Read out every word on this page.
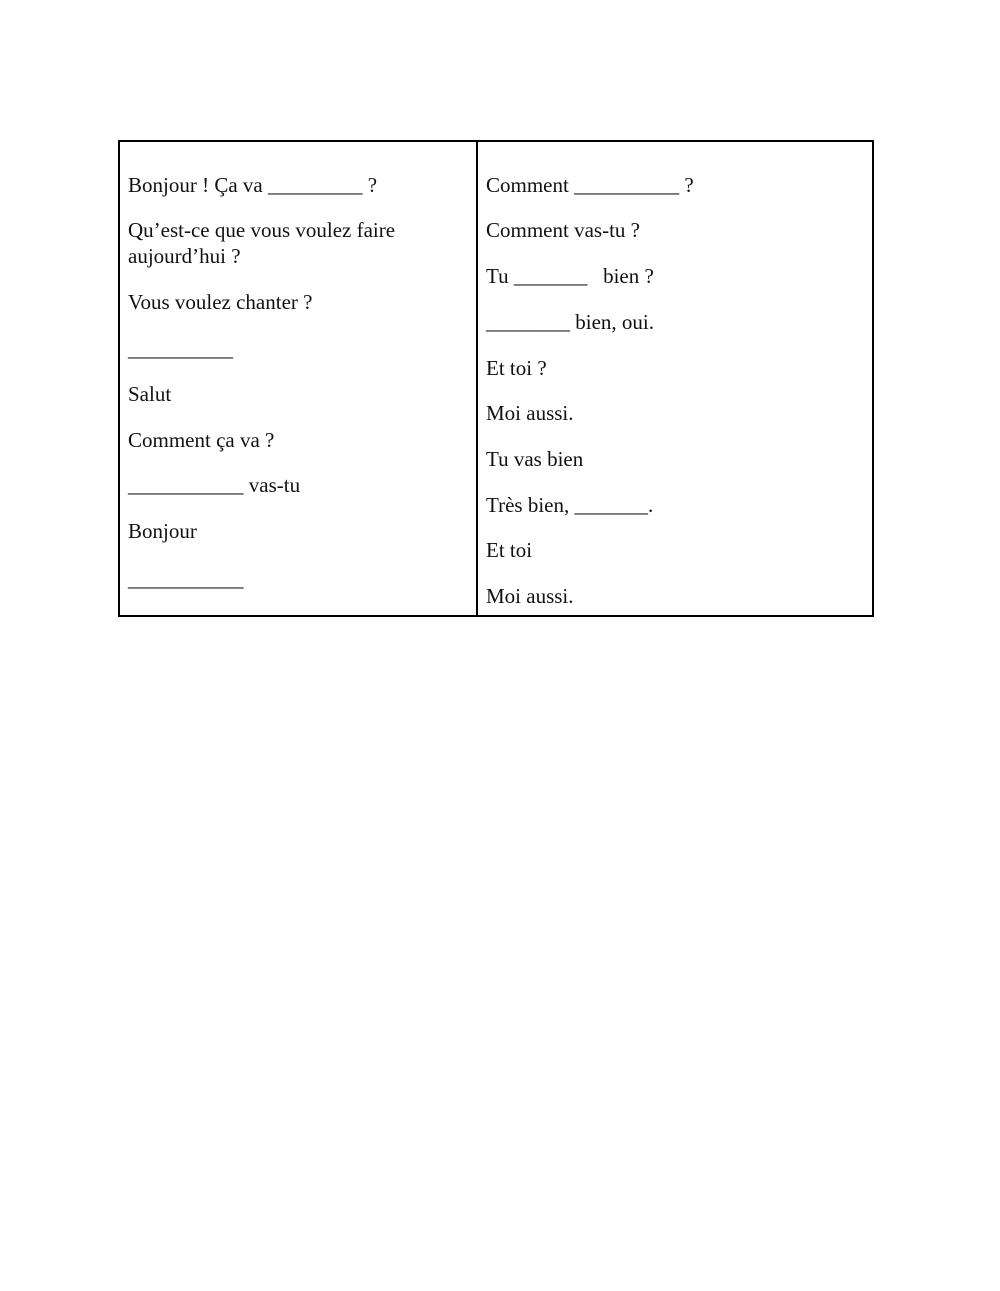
Bonjour ! Ça va _________ ?
Qu’est-ce que vous voulez faire aujourd’hui ?
Vous voulez chanter ?
__________
Salut
Comment ça va ?
___________ vas-tu
Bonjour
___________
Comment __________ ?
Comment vas-tu ?
Tu _______   bien ?
________ bien, oui.
Et toi ?
Moi aussi.
Tu vas bien
Très bien, _______.
Et toi
Moi aussi.
